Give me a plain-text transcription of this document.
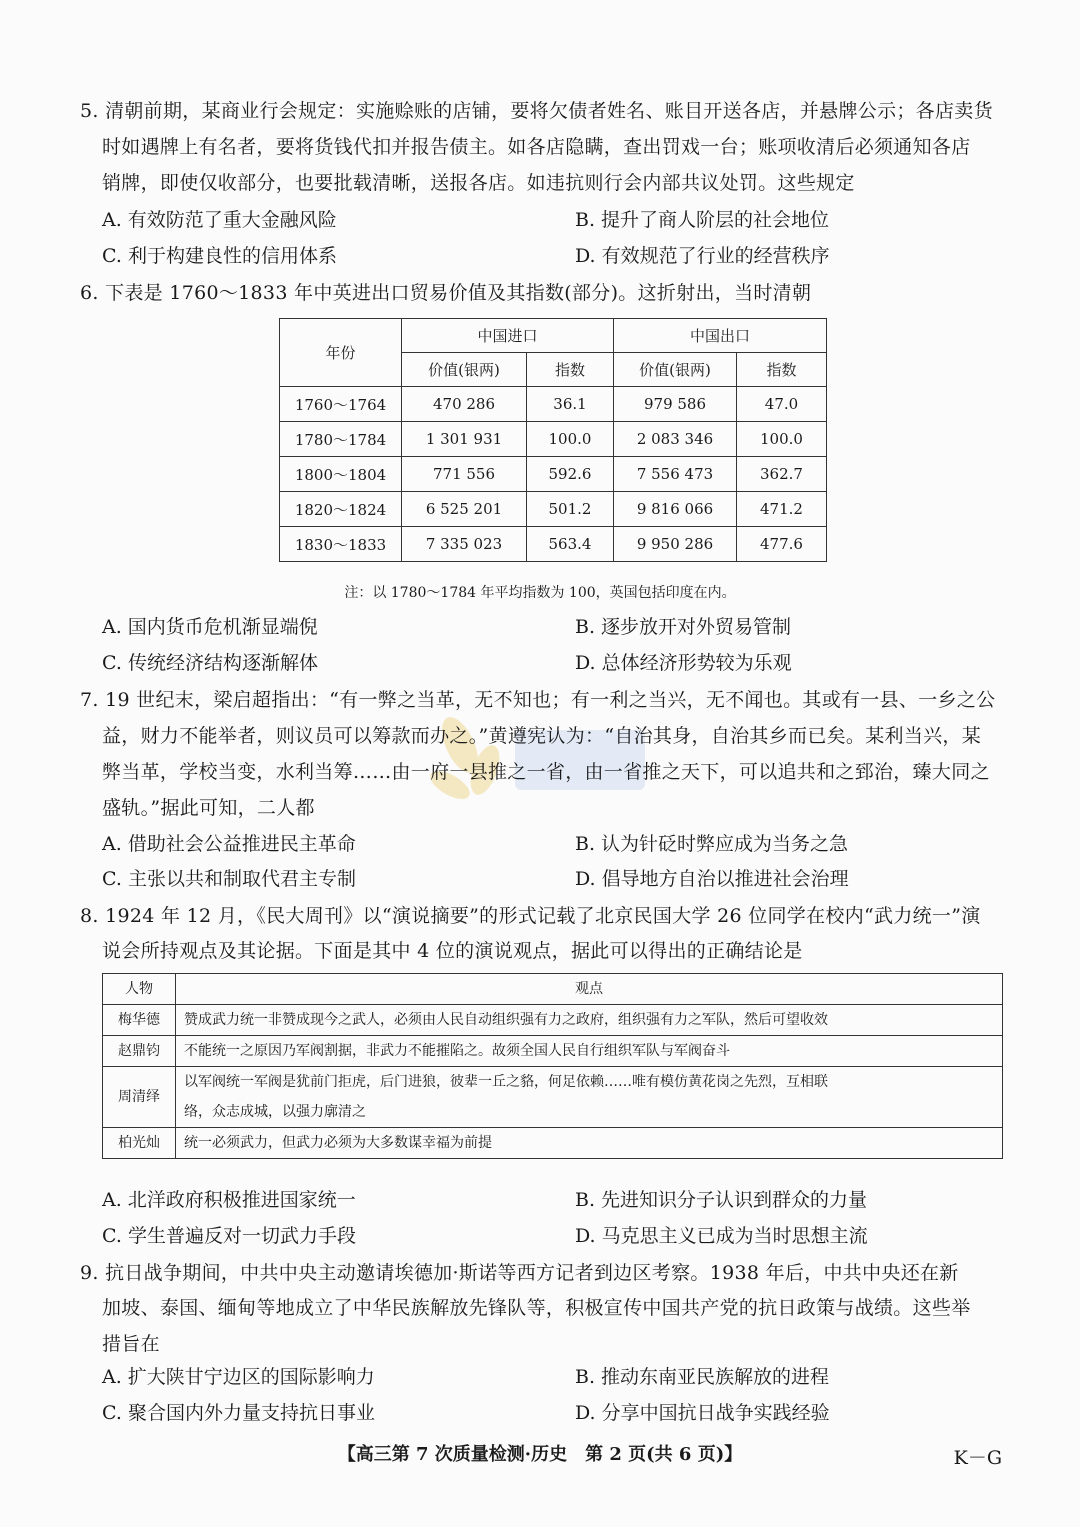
5. 清朝前期，某商业行会规定：实施赊账的店铺，要将欠债者姓名、账目开送各店，并悬牌公示；各店卖货
时如遇牌上有名者，要将货钱代扣并报告债主。如各店隐瞒，查出罚戏一台；账项收清后必须通知各店
销牌，即使仅收部分，也要批载清晰，送报各店。如违抗则行会内部共议处罚。这些规定
A. 有效防范了重大金融风险	B. 提升了商人阶层的社会地位
C. 利于构建良性的信用体系	D. 有效规范了行业的经营秩序
6. 下表是 1760～1833 年中英进出口贸易价值及其指数(部分)。这折射出，当时清朝
年份	中国进口		中国出口	
	价值(银两)	指数	价值(银两)	指数
1760～1764	470 286	36.1	979 586	47.0
1780～1784	1 301 931	100.0	2 083 346	100.0
1800～1804	771 556	592.6	7 556 473	362.7
1820～1824	6 525 201	501.2	9 816 066	471.2
1830～1833	7 335 023	563.4	9 950 286	477.6
注：以 1780～1784 年平均指数为 100，英国包括印度在内。
A. 国内货币危机渐显端倪	B. 逐步放开对外贸易管制
C. 传统经济结构逐渐解体	D. 总体经济形势较为乐观
7. 19 世纪末，梁启超指出：“有一弊之当革，无不知也；有一利之当兴，无不闻也。其或有一县、一乡之公
益，财力不能举者，则议员可以筹款而办之。”黄遵宪认为：“自治其身，自治其乡而已矣。某利当兴，某
弊当革，学校当变，水利当筹……由一府一县推之一省，由一省推之天下，可以追共和之郅治，臻大同之
盛轨。”据此可知，二人都
A. 借助社会公益推进民主革命	B. 认为针砭时弊应成为当务之急
C. 主张以共和制取代君主专制	D. 倡导地方自治以推进社会治理
8. 1924 年 12 月，《民大周刊》以“演说摘要”的形式记载了北京民国大学 26 位同学在校内“武力统一”演
说会所持观点及其论据。下面是其中 4 位的演说观点，据此可以得出的正确结论是
人物	观点
梅华德	赞成武力统一非赞成现今之武人，必须由人民自动组织强有力之政府，组织强有力之军队，然后可望收效
赵鼎钧	不能统一之原因乃军阀割据，非武力不能摧陷之。故须全国人民自行组织军队与军阀奋斗
周清绎	以军阀统一军阀是犹前门拒虎，后门进狼，彼辈一丘之貉，何足依赖……唯有模仿黄花岗之先烈，互相联
络，众志成城，以强力廓清之

柏光灿	统一必须武力，但武力必须为大多数谋幸福为前提
A. 北洋政府积极推进国家统一	B. 先进知识分子认识到群众的力量
C. 学生普遍反对一切武力手段	D. 马克思主义已成为当时思想主流
9. 抗日战争期间，中共中央主动邀请埃德加·斯诺等西方记者到边区考察。1938 年后，中共中央还在新
加坡、泰国、缅甸等地成立了中华民族解放先锋队等，积极宣传中国共产党的抗日政策与战绩。这些举
措旨在
A. 扩大陕甘宁边区的国际影响力	B. 推动东南亚民族解放的进程
C. 聚合国内外力量支持抗日事业	D. 分享中国抗日战争实践经验
【高三第 7 次质量检测·历史　第 2 页(共 6 页)】	K－G
